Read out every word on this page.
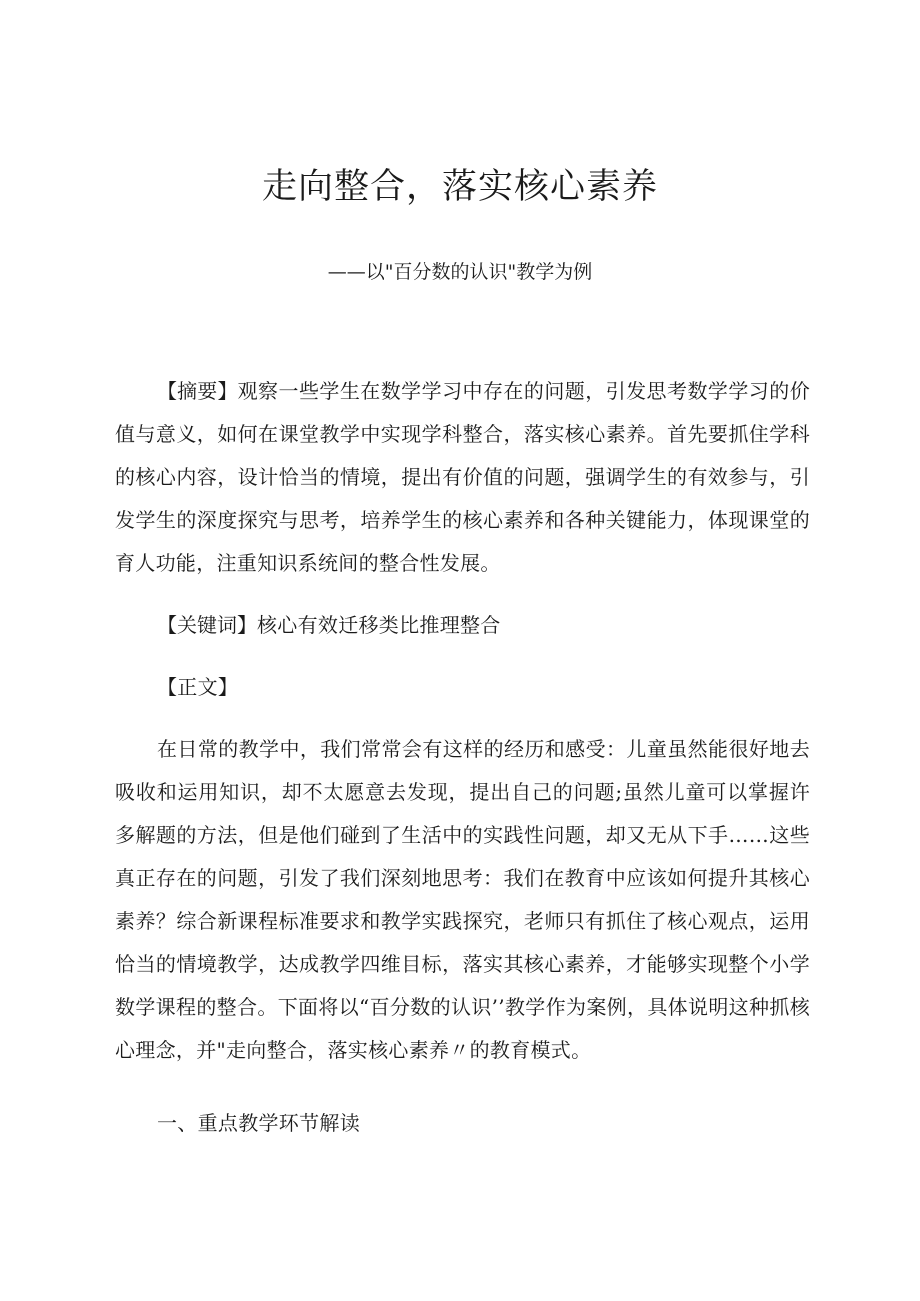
走向整合，落实核心素养

——以"百分数的认识"教学为例

【摘要】观察一些学生在数学学习中存在的问题，引发思考数学学习的价值与意义，如何在课堂教学中实现学科整合，落实核心素养。首先要抓住学科的核心内容，设计恰当的情境，提出有价值的问题，强调学生的有效参与，引发学生的深度探究与思考，培养学生的核心素养和各种关键能力，体现课堂的育人功能，注重知识系统间的整合性发展。

【关键词】核心有效迁移类比推理整合

【正文】

在日常的教学中，我们常常会有这样的经历和感受：儿童虽然能很好地去吸收和运用知识，却不太愿意去发现，提出自己的问题;虽然儿童可以掌握许多解题的方法，但是他们碰到了生活中的实践性问题，却又无从下手……这些真正存在的问题，引发了我们深刻地思考：我们在教育中应该如何提升其核心素养？综合新课程标准要求和教学实践探究，老师只有抓住了核心观点，运用恰当的情境教学，达成教学四维目标，落实其核心素养，才能够实现整个小学数学课程的整合。下面将以“百分数的认识’’教学作为案例，具体说明这种抓核心理念，并"走向整合，落实核心素养〃的教育模式。

一、重点教学环节解读
